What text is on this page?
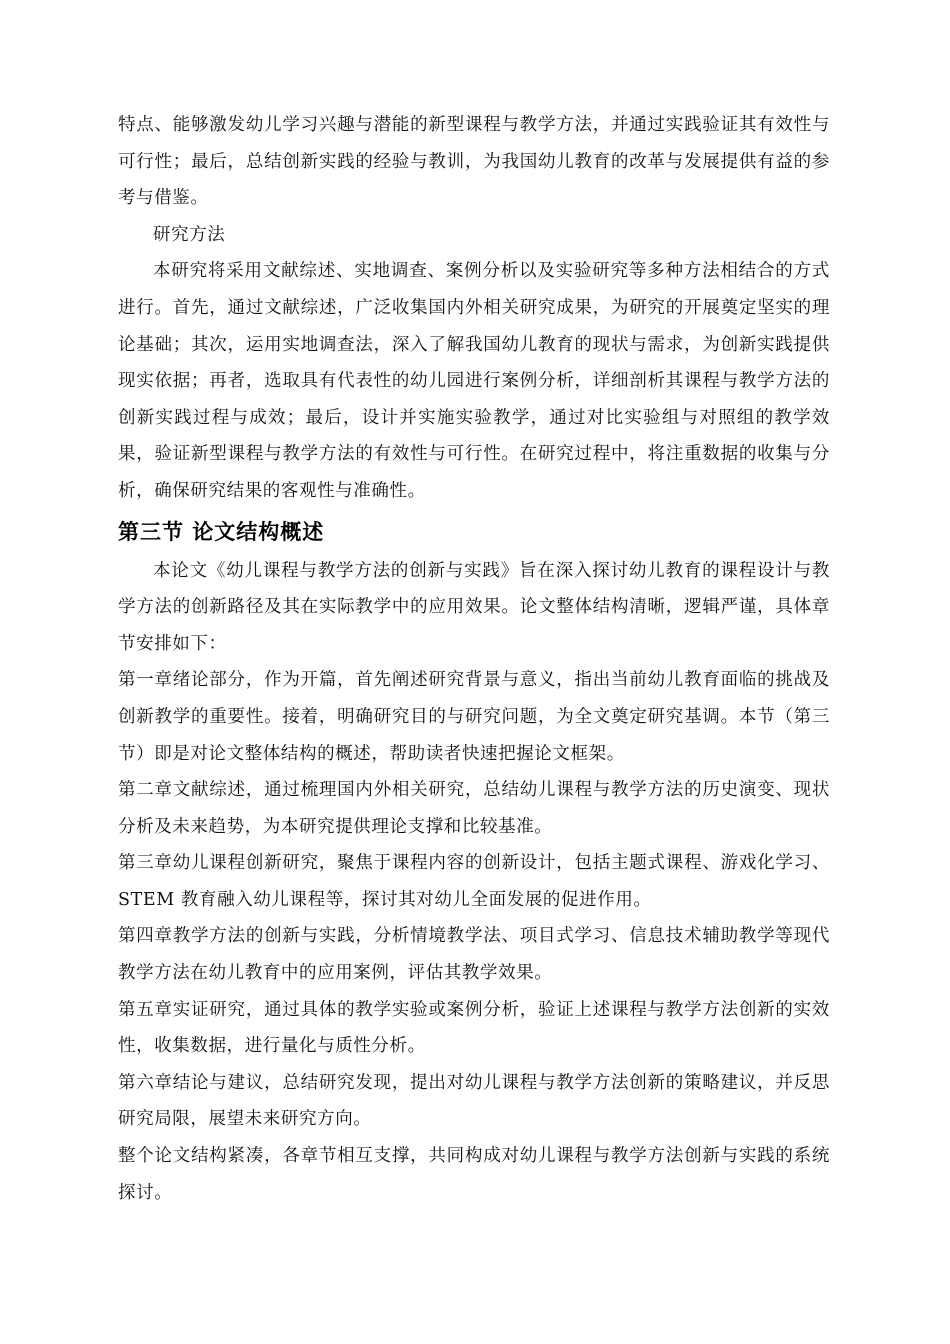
特点、能够激发幼儿学习兴趣与潜能的新型课程与教学方法，并通过实践验证其有效性与可行性；最后，总结创新实践的经验与教训，为我国幼儿教育的改革与发展提供有益的参考与借鉴。

研究方法

本研究将采用文献综述、实地调查、案例分析以及实验研究等多种方法相结合的方式进行。首先，通过文献综述，广泛收集国内外相关研究成果，为研究的开展奠定坚实的理论基础；其次，运用实地调查法，深入了解我国幼儿教育的现状与需求，为创新实践提供现实依据；再者，选取具有代表性的幼儿园进行案例分析，详细剖析其课程与教学方法的创新实践过程与成效；最后，设计并实施实验教学，通过对比实验组与对照组的教学效果，验证新型课程与教学方法的有效性与可行性。在研究过程中，将注重数据的收集与分析，确保研究结果的客观性与准确性。

第三节 论文结构概述

本论文《幼儿课程与教学方法的创新与实践》旨在深入探讨幼儿教育的课程设计与教学方法的创新路径及其在实际教学中的应用效果。论文整体结构清晰，逻辑严谨，具体章节安排如下：

第一章绪论部分，作为开篇，首先阐述研究背景与意义，指出当前幼儿教育面临的挑战及创新教学的重要性。接着，明确研究目的与研究问题，为全文奠定研究基调。本节（第三节）即是对论文整体结构的概述，帮助读者快速把握论文框架。

第二章文献综述，通过梳理国内外相关研究，总结幼儿课程与教学方法的历史演变、现状分析及未来趋势，为本研究提供理论支撑和比较基准。

第三章幼儿课程创新研究，聚焦于课程内容的创新设计，包括主题式课程、游戏化学习、STEM 教育融入幼儿课程等，探讨其对幼儿全面发展的促进作用。

第四章教学方法的创新与实践，分析情境教学法、项目式学习、信息技术辅助教学等现代教学方法在幼儿教育中的应用案例，评估其教学效果。

第五章实证研究，通过具体的教学实验或案例分析，验证上述课程与教学方法创新的实效性，收集数据，进行量化与质性分析。

第六章结论与建议，总结研究发现，提出对幼儿课程与教学方法创新的策略建议，并反思研究局限，展望未来研究方向。

整个论文结构紧凑，各章节相互支撑，共同构成对幼儿课程与教学方法创新与实践的系统探讨。
